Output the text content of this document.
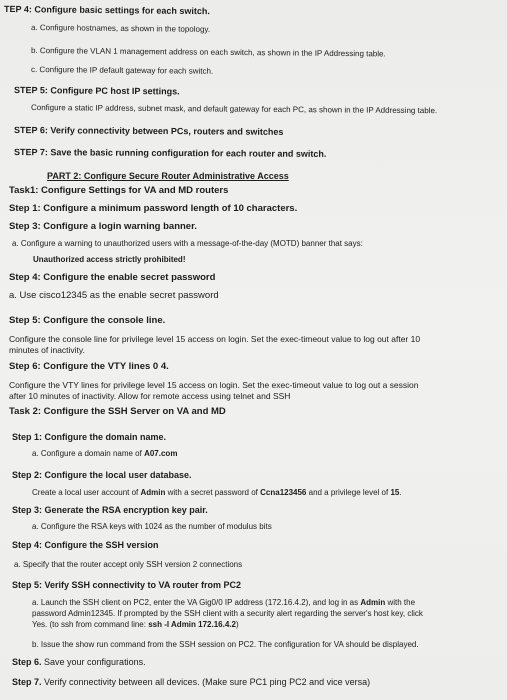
TEP 4: Configure basic settings for each switch.
a. Configure hostnames, as shown in the topology.
b. Configure the VLAN 1 management address on each switch, as shown in the IP Addressing table.
c. Configure the IP default gateway for each switch.
STEP 5: Configure PC host IP settings.
Configure a static IP address, subnet mask, and default gateway for each PC, as shown in the IP Addressing table.
STEP 6: Verify connectivity between PCs, routers and switches
STEP 7: Save the basic running configuration for each router and switch.
PART 2: Configure Secure Router Administrative Access
Task1: Configure Settings for VA and MD routers
Step 1: Configure a minimum password length of 10 characters.
Step 3: Configure a login warning banner.
a. Configure a warning to unauthorized users with a message-of-the-day (MOTD) banner that says:
Unauthorized access strictly prohibited!
Step 4: Configure the enable secret password
a. Use cisco12345 as the enable secret password
Step 5: Configure the console line.
Configure the console line for privilege level 15 access on login. Set the exec-timeout value to log out after 10
minutes of inactivity.
Step 6: Configure the VTY lines 0 4.
Configure the VTY lines for privilege level 15 access on login. Set the exec-timeout value to log out a session
after 10 minutes of inactivity. Allow for remote access using telnet and SSH
Task 2: Configure the SSH Server on VA and MD
Step 1: Configure the domain name.
a. Configure a domain name of A07.com
Step 2: Configure the local user database.
Create a local user account of Admin with a secret password of Ccna123456 and a privilege level of 15.
Step 3: Generate the RSA encryption key pair.
a. Configure the RSA keys with 1024 as the number of modulus bits
Step 4: Configure the SSH version
a. Specify that the router accept only SSH version 2 connections
Step 5: Verify SSH connectivity to VA router from PC2
a. Launch the SSH client on PC2, enter the VA Gig0/0 IP address (172.16.4.2), and log in as Admin with the
password Admin12345. If prompted by the SSH client with a security alert regarding the server's host key, click
Yes. (to ssh from command line: ssh -l Admin 172.16.4.2)
b. Issue the show run command from the SSH session on PC2. The configuration for VA should be displayed.
Step 6. Save your configurations.
Step 7. Verify connectivity between all devices. (Make sure PC1 ping PC2 and vice versa)
